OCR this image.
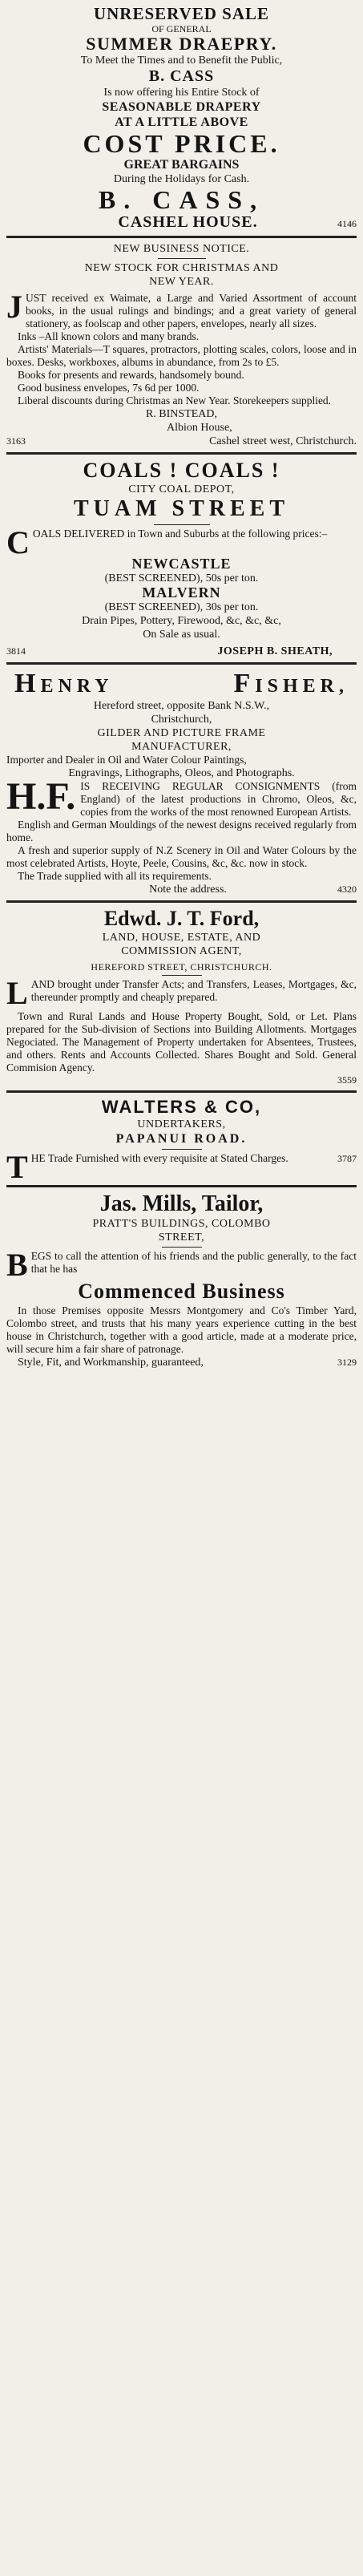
UNRESERVED SALE
OF GENERAL
SUMMER DRAEPRY.
To Meet the Times and to Benefit the Public,
B. CASS
Is now offering his Entire Stock of
SEASONABLE DRAPERY
AT A LITTLE ABOVE
COST PRICE.
GREAT BARGAINS
During the Holidays for Cash.
B. CASS,
CASHEL HOUSE.	4146
NEW BUSINESS NOTICE.
NEW STOCK FOR CHRISTMAS AND
NEW YEAR.

J UST received ex Waimate, a Large and Varied Assortment of account books, in the usual rulings and bindings; and a great variety of general stationery, as foolscap and other papers, envelopes, nearly all sizes.

Inks –All known colors and many brands.

Artists' Materials—T squares, protractors, plotting scales, colors, loose and in boxes. Desks, workboxes, albums in abundance, from 2s to £5.

Books for presents and rewards, handsomely bound.

Good business envelopes, 7s 6d per 1000.

Liberal discounts during Christmas an New Year. Storekeepers supplied.

R. BINSTEAD,
Albion House,
3163	Cashel street west, Christchurch.
COALS ! COALS !
CITY COAL DEPOT,
TUAM STREET

C OALS DELIVERED in Town and Suburbs at the following prices:–

NEWCASTLE
(BEST SCREENED), 50s per ton.
MALVERN
(BEST SCREENED), 30s per ton.
Drain Pipes, Pottery, Firewood, &c, &c, &c,
On Sale as usual.
3814	JOSEPH B. SHEATH,
HENRY	FISHER,
Hereford street, opposite Bank N.S.W.,
Christchurch,
GILDER AND PICTURE FRAME
MANUFACTURER,

Importer and Dealer in Oil and Water Colour Paintings,

Engravings, Lithographs, Oleos, and Photographs.

H.F. IS RECEIVING REGULAR CONSIGNMENTS (from England) of the latest productions in Chromo, Oleos, &c, copies from the works of the most renowned European Artists.

English and German Mouldings of the newest designs received regularly from home.

A fresh and superior supply of N.Z Scenery in Oil and Water Colours by the most celebrated Artists, Hoyte, Peele, Cousins, &c, &c. now in stock.

The Trade supplied with all its requirements.

Note the address.	4320
Edwd. J. T. Ford,
LAND, HOUSE, ESTATE, AND
COMMISSION AGENT,
HEREFORD STREET, CHRISTCHURCH.

L AND brought under Transfer Acts; and Transfers, Leases, Mortgages, &c, thereunder promptly and cheaply prepared.

Town and Rural Lands and House Property Bought, Sold, or Let. Plans prepared for the Sub-division of Sections into Building Allotments. Mortgages Negociated. The Management of Property undertaken for Absentees, Trustees, and others. Rents and Accounts Collected. Shares Bought and Sold. General Commision Agency.

3559
WALTERS & CO,
UNDERTAKERS,
PAPANUI ROAD.

T HE Trade Furnished with every requisite at Stated Charges.	3787

Jas. Mills, Tailor,
PRATT'S BUILDINGS, COLOMBO
STREET,

B EGS to call the attention of his friends and the public generally, to the fact that he has

Commenced Business

In those Premises opposite Messrs Montgomery and Co's Timber Yard, Colombo street, and trusts that his many years experience cutting in the best house in Christchurch, together with a good article, made at a moderate price, will secure him a fair share of patronage.

Style, Fit, and Workmanship, guaranteed,	3129
